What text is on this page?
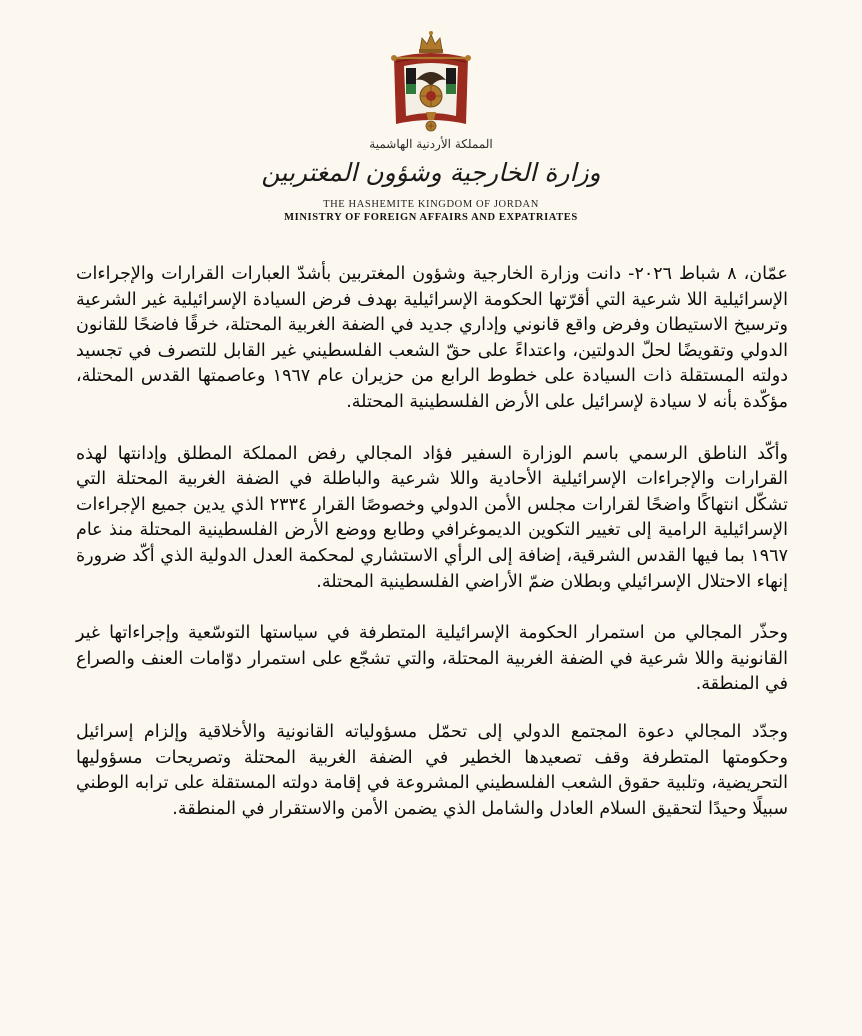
المملكة الأردنية الهاشمية
وزارة الخارجية وشؤون المغتربين
THE HASHEMITE KINGDOM OF JORDAN
MINISTRY OF FOREIGN AFFAIRS AND EXPATRIATES

عمّان، ٨ شباط ٢٠٢٦- دانت وزارة الخارجية وشؤون المغتربين بأشدّ العبارات القرارات والإجراءات الإسرائيلية اللا شرعية التي أقرّتها الحكومة الإسرائيلية بهدف فرض السيادة الإسرائيلية غير الشرعية وترسيخ الاستيطان وفرض واقع قانوني وإداري جديد في الضفة الغربية المحتلة، خرقًا فاضحًا للقانون الدولي وتقويضًا لحلّ الدولتين، واعتداءً على حقّ الشعب الفلسطيني غير القابل للتصرف في تجسيد دولته المستقلة ذات السيادة على خطوط الرابع من حزيران عام ١٩٦٧ وعاصمتها القدس المحتلة، مؤكّدة بأنه لا سيادة لإسرائيل على الأرض الفلسطينية المحتلة.

وأكّد الناطق الرسمي باسم الوزارة السفير فؤاد المجالي رفض المملكة المطلق وإدانتها لهذه القرارات والإجراءات الإسرائيلية الأحادية واللا شرعية والباطلة في الضفة الغربية المحتلة التي تشكّل انتهاكًا واضحًا لقرارات مجلس الأمن الدولي وخصوصًا القرار ٢٣٣٤ الذي يدين جميع الإجراءات الإسرائيلية الرامية إلى تغيير التكوين الديموغرافي وطابع ووضع الأرض الفلسطينية المحتلة منذ عام ١٩٦٧ بما فيها القدس الشرقية، إضافة إلى الرأي الاستشاري لمحكمة العدل الدولية الذي أكّد ضرورة إنهاء الاحتلال الإسرائيلي وبطلان ضمّ الأراضي الفلسطينية المحتلة.

وحذّر المجالي من استمرار الحكومة الإسرائيلية المتطرفة في سياستها التوسّعية وإجراءاتها غير القانونية واللا شرعية في الضفة الغربية المحتلة، والتي تشجّع على استمرار دوّامات العنف والصراع في المنطقة.

وجدّد المجالي دعوة المجتمع الدولي إلى تحمّل مسؤولياته القانونية والأخلاقية وإلزام إسرائيل وحكومتها المتطرفة وقف تصعيدها الخطير في الضفة الغربية المحتلة وتصريحات مسؤوليها التحريضية، وتلبية حقوق الشعب الفلسطيني المشروعة في إقامة دولته المستقلة على ترابه الوطني سبيلًا وحيدًا لتحقيق السلام العادل والشامل الذي يضمن الأمن والاستقرار في المنطقة.
